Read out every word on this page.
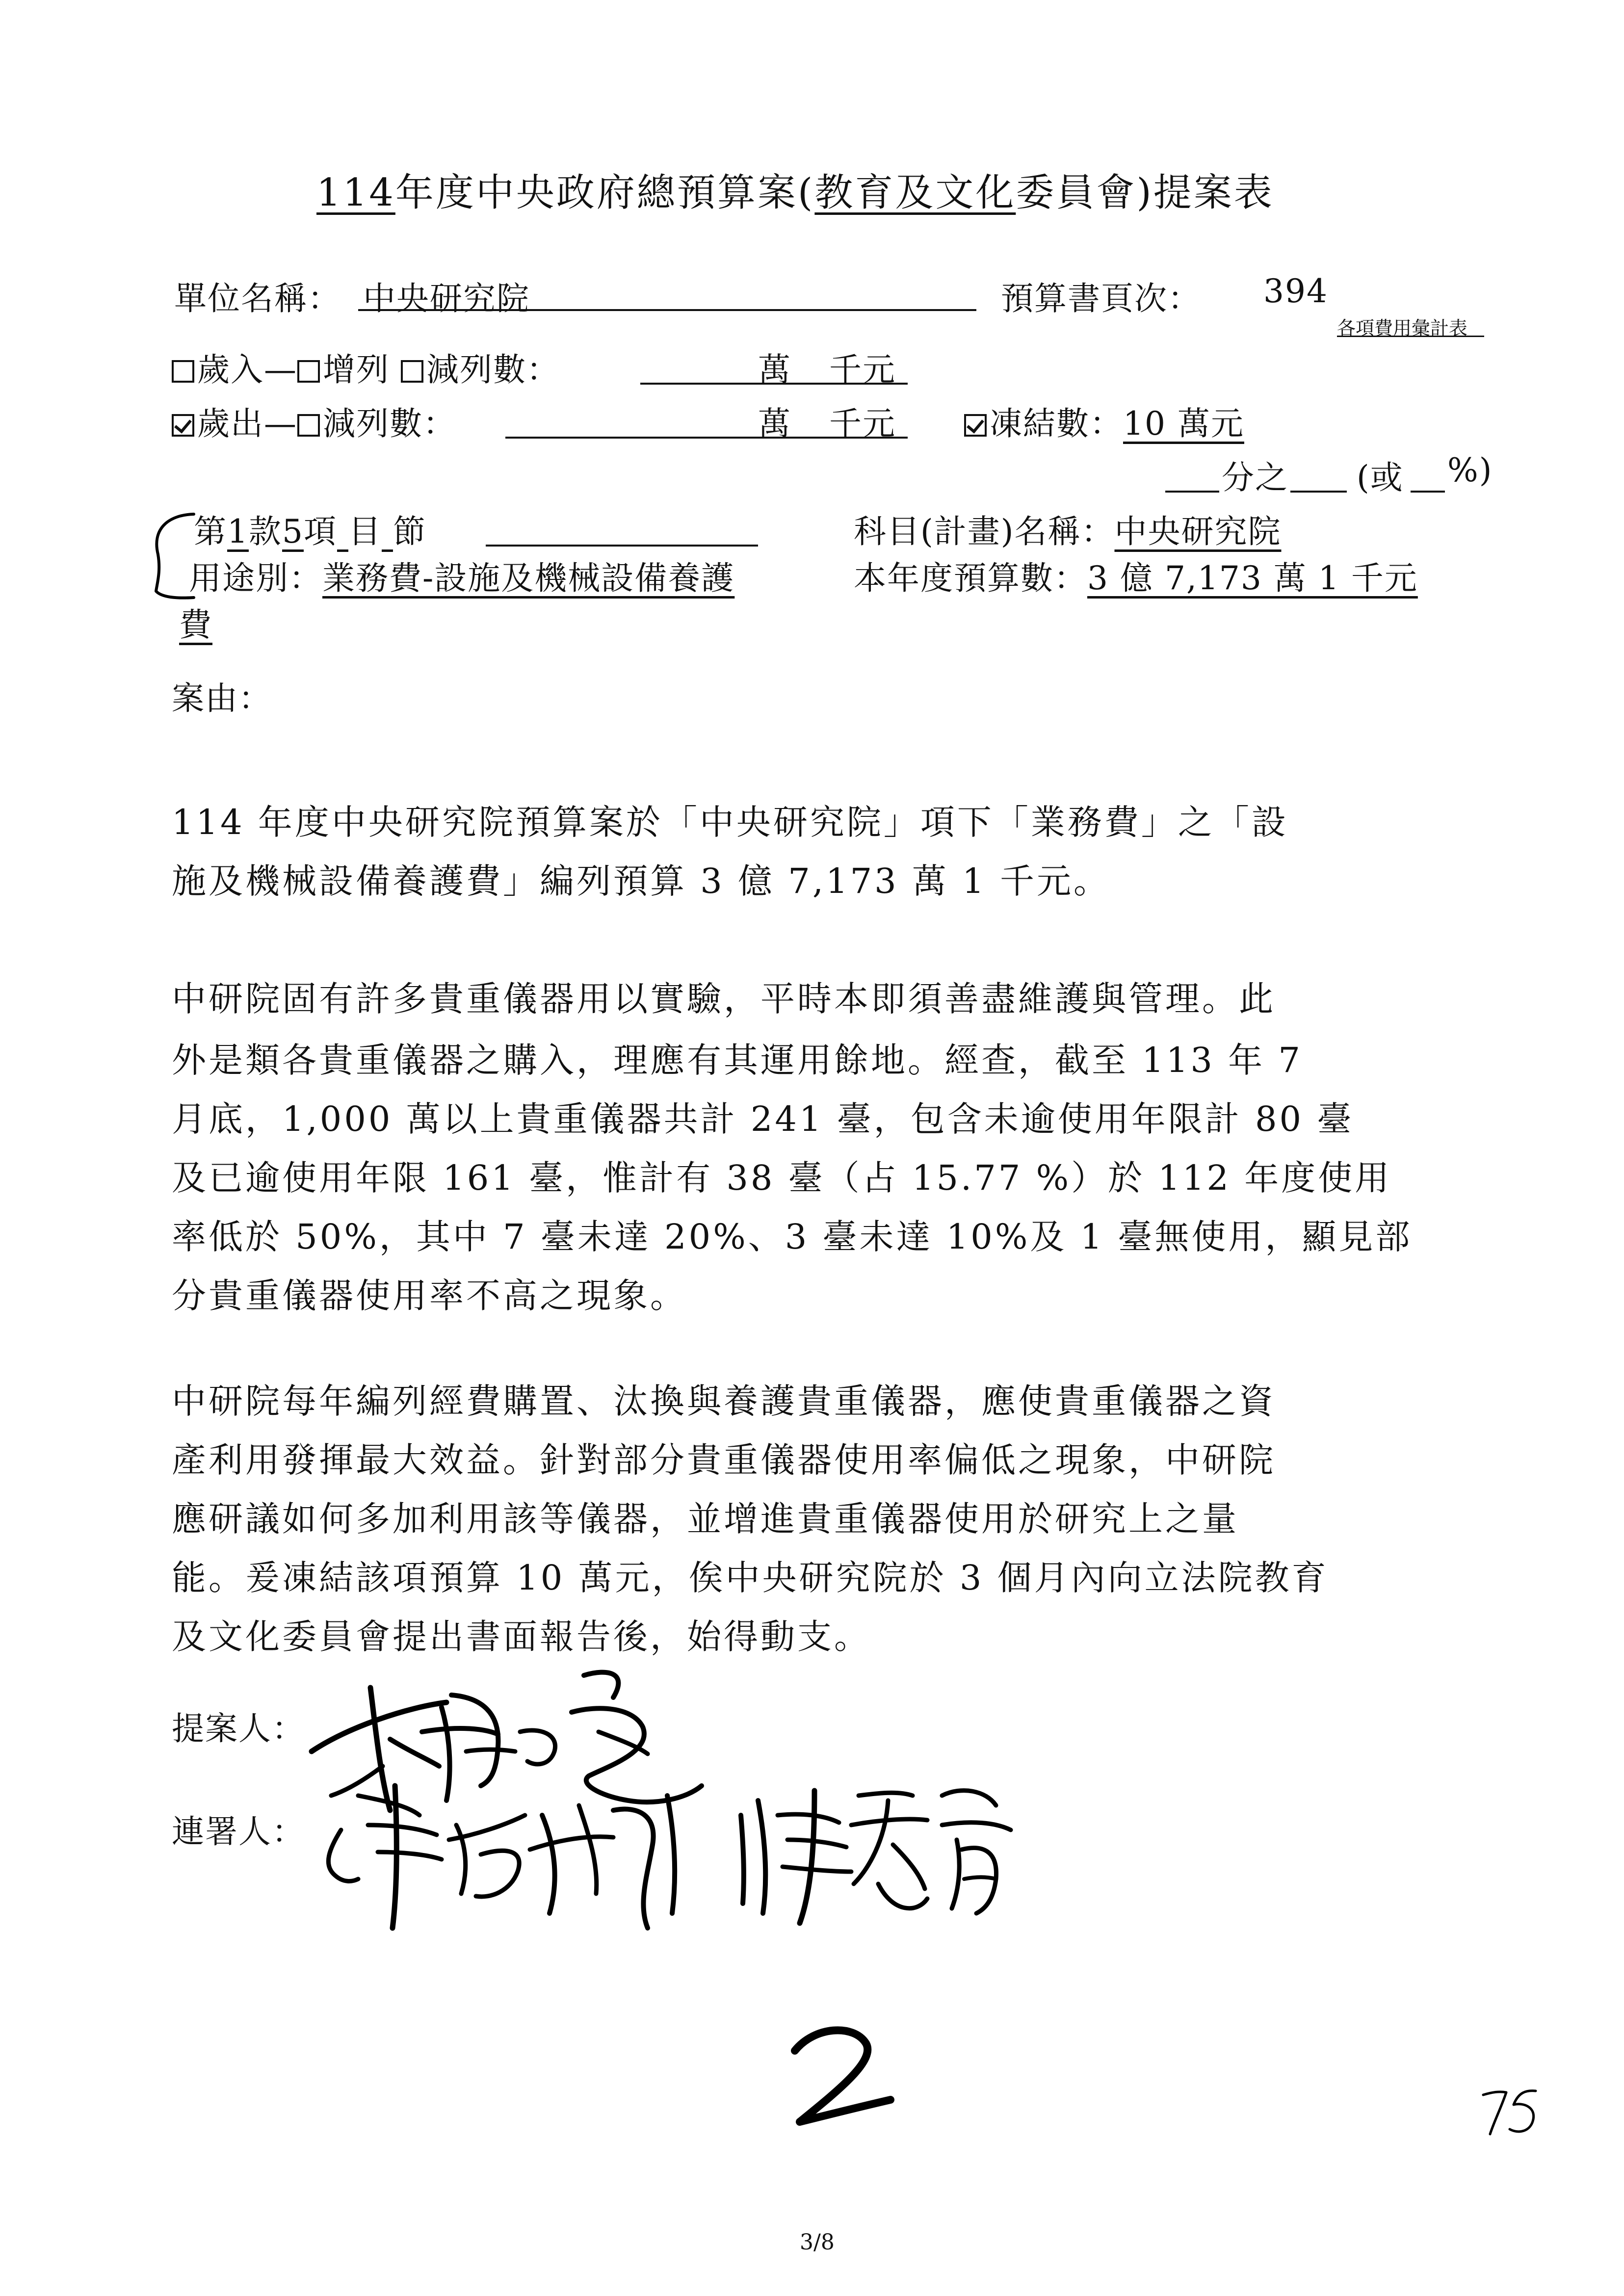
114年度中央政府總預算案(教育及文化委員會)提案表
單位名稱： 中央研究院	預算書頁次： 394
各項費用彙計表
歲入— 增列 減列數：	萬 千元
歲出— 減列數：	萬 千元	凍結數：10 萬元
分之 (或 %)
第1款5項 目 節	科目(計畫)名稱：中央研究院
用途別：業務費-設施及機械設備養護	本年度預算數：3 億 7,173 萬 1 千元
費
案由：
114 年度中央研究院預算案於「中央研究院」項下「業務費」之「設
施及機械設備養護費」編列預算 3 億 7,173 萬 1 千元。
中研院固有許多貴重儀器用以實驗，平時本即須善盡維護與管理。此
外是類各貴重儀器之購入，理應有其運用餘地。經查，截至 113 年 7
月底，1,000 萬以上貴重儀器共計 241 臺，包含未逾使用年限計 80 臺
及已逾使用年限 161 臺，惟計有 38 臺（占 15.77 %）於 112 年度使用
率低於 50%，其中 7 臺未達 20%、3 臺未達 10%及 1 臺無使用，顯見部
分貴重儀器使用率不高之現象。
中研院每年編列經費購置、汰換與養護貴重儀器，應使貴重儀器之資
產利用發揮最大效益。針對部分貴重儀器使用率偏低之現象，中研院
應研議如何多加利用該等儀器，並增進貴重儀器使用於研究上之量
能。爰凍結該項預算 10 萬元，俟中央研究院於 3 個月內向立法院教育
及文化委員會提出書面報告後，始得動支。
提案人：
連署人：
3/8
